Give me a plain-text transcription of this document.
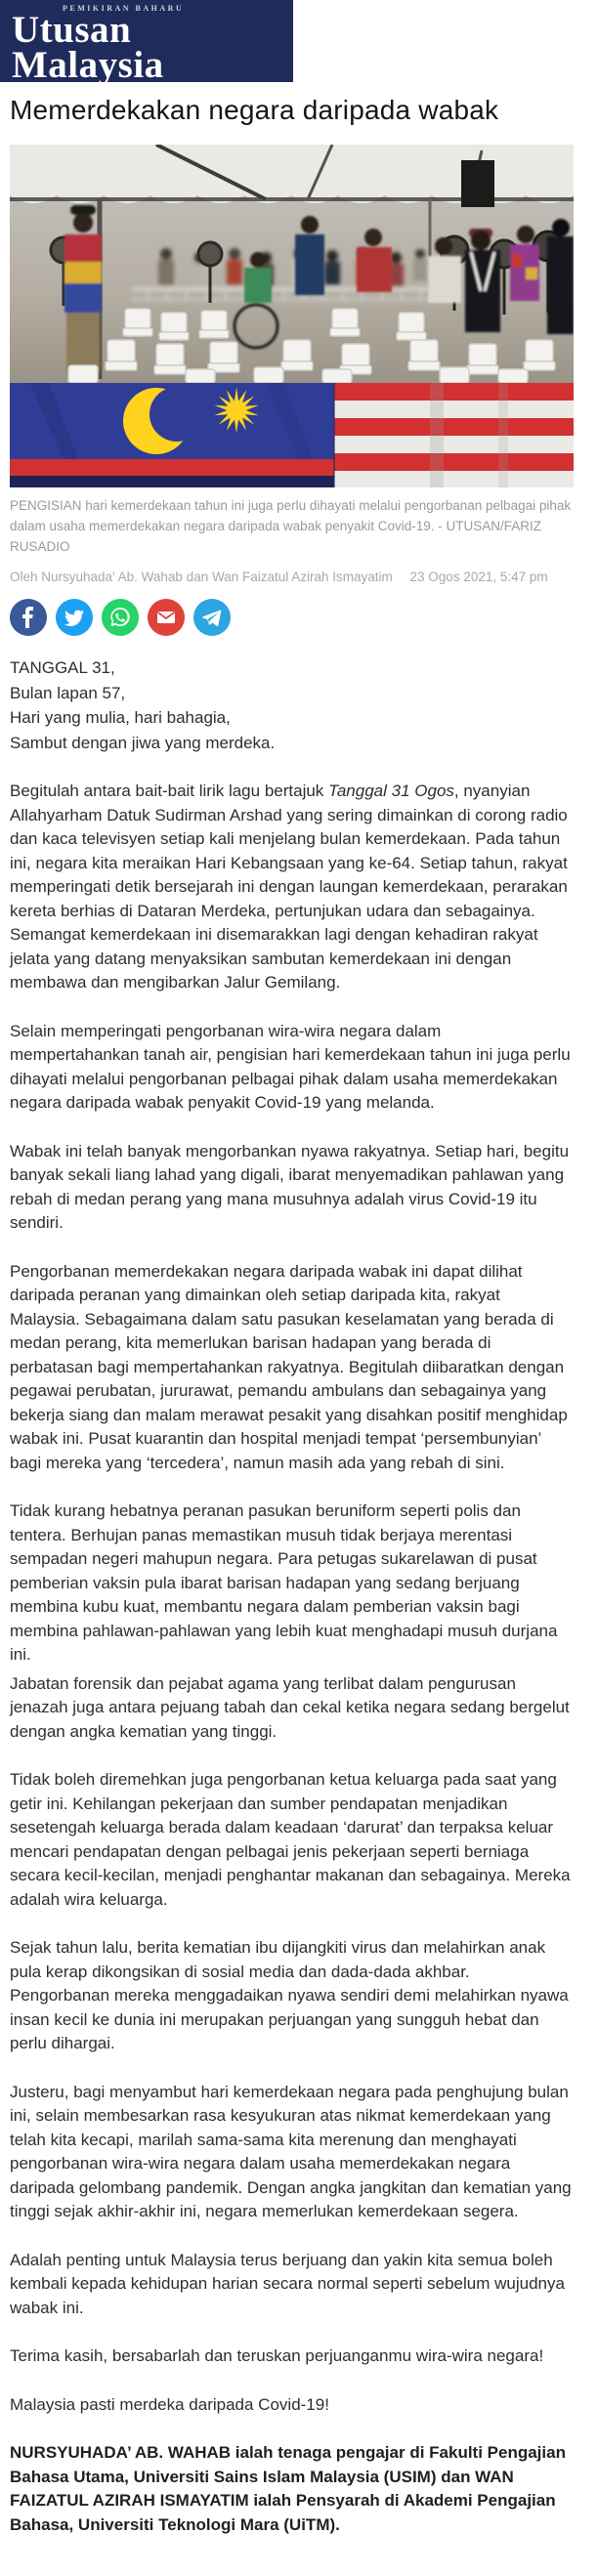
PEMIKIRAN BAHARU
Utusan
Malaysia
Memerdekakan negara daripada wabak
PENGISIAN hari kemerdekaan tahun ini juga perlu dihayati melalui pengorbanan pelbagai pihak dalam usaha memerdekakan negara daripada wabak penyakit Covid-19. - UTUSAN/FARIZ RUSADIO
Oleh Nursyuhada' Ab. Wahab dan Wan Faizatul Azirah Ismayatim 23 Ogos 2021, 5:47 pm
TANGGAL 31,
Bulan lapan 57,
Hari yang mulia, hari bahagia,
Sambut dengan jiwa yang merdeka.

Begitulah antara bait-bait lirik lagu bertajuk Tanggal 31 Ogos, nyanyian Allahyarham Datuk Sudirman Arshad yang sering dimainkan di corong radio dan kaca televisyen setiap kali menjelang bulan kemerdekaan. Pada tahun ini, negara kita meraikan Hari Kebangsaan yang ke-64. Setiap tahun, rakyat memperingati detik bersejarah ini dengan laungan kemerdekaan, perarakan kereta berhias di Dataran Merdeka, pertunjukan udara dan sebagainya. Semangat kemerdekaan ini disemarakkan lagi dengan kehadiran rakyat jelata yang datang menyaksikan sambutan kemerdekaan ini dengan membawa dan mengibarkan Jalur Gemilang.

Selain memperingati pengorbanan wira-wira negara dalam mempertahankan tanah air, pengisian hari kemerdekaan tahun ini juga perlu dihayati melalui pengorbanan pelbagai pihak dalam usaha memerdekakan negara daripada wabak penyakit Covid-19 yang melanda.

Wabak ini telah banyak mengorbankan nyawa rakyatnya. Setiap hari, begitu banyak sekali liang lahad yang digali, ibarat menyemadikan pahlawan yang rebah di medan perang yang mana musuhnya adalah virus Covid-19 itu sendiri.

Pengorbanan memerdekakan negara daripada wabak ini dapat dilihat daripada peranan yang dimainkan oleh setiap daripada kita, rakyat Malaysia. Sebagaimana dalam satu pasukan keselamatan yang berada di medan perang, kita memerlukan barisan hadapan yang berada di perbatasan bagi mempertahankan rakyatnya. Begitulah diibaratkan dengan pegawai perubatan, jururawat, pemandu ambulans dan sebagainya yang bekerja siang dan malam merawat pesakit yang disahkan positif menghidap wabak ini. Pusat kuarantin dan hospital menjadi tempat ‘persembunyian’ bagi mereka yang ‘tercedera’, namun masih ada yang rebah di sini.

Tidak kurang hebatnya peranan pasukan beruniform seperti polis dan tentera. Berhujan panas memastikan musuh tidak berjaya merentasi sempadan negeri mahupun negara. Para petugas sukarelawan di pusat pemberian vaksin pula ibarat barisan hadapan yang sedang berjuang membina kubu kuat, membantu negara dalam pemberian vaksin bagi membina pahlawan-pahlawan yang lebih kuat menghadapi musuh durjana ini.

Jabatan forensik dan pejabat agama yang terlibat dalam pengurusan jenazah juga antara pejuang tabah dan cekal ketika negara sedang bergelut dengan angka kematian yang tinggi.

Tidak boleh diremehkan juga pengorbanan ketua keluarga pada saat yang getir ini. Kehilangan pekerjaan dan sumber pendapatan menjadikan sesetengah keluarga berada dalam keadaan ‘darurat’ dan terpaksa keluar mencari pendapatan dengan pelbagai jenis pekerjaan seperti berniaga secara kecil-kecilan, menjadi penghantar makanan dan sebagainya. Mereka adalah wira keluarga.

Sejak tahun lalu, berita kematian ibu dijangkiti virus dan melahirkan anak pula kerap dikongsikan di sosial media dan dada-dada akhbar. Pengorbanan mereka menggadaikan nyawa sendiri demi melahirkan nyawa insan kecil ke dunia ini merupakan perjuangan yang sungguh hebat dan perlu dihargai.

Justeru, bagi menyambut hari kemerdekaan negara pada penghujung bulan ini, selain membesarkan rasa kesyukuran atas nikmat kemerdekaan yang telah kita kecapi, marilah sama-sama kita merenung dan menghayati pengorbanan wira-wira negara dalam usaha memerdekakan negara daripada gelombang pandemik. Dengan angka jangkitan dan kematian yang tinggi sejak akhir-akhir ini, negara memerlukan kemerdekaan segera.

Adalah penting untuk Malaysia terus berjuang dan yakin kita semua boleh kembali kepada kehidupan harian secara normal seperti sebelum wujudnya wabak ini.

Terima kasih, bersabarlah dan teruskan perjuanganmu wira-wira negara!

Malaysia pasti merdeka daripada Covid-19!

NURSYUHADA’ AB. WAHAB ialah tenaga pengajar di Fakulti Pengajian Bahasa Utama, Universiti Sains Islam Malaysia (USIM) dan WAN FAIZATUL AZIRAH ISMAYATIM ialah Pensyarah di Akademi Pengajian Bahasa, Universiti Teknologi Mara (UiTM).
